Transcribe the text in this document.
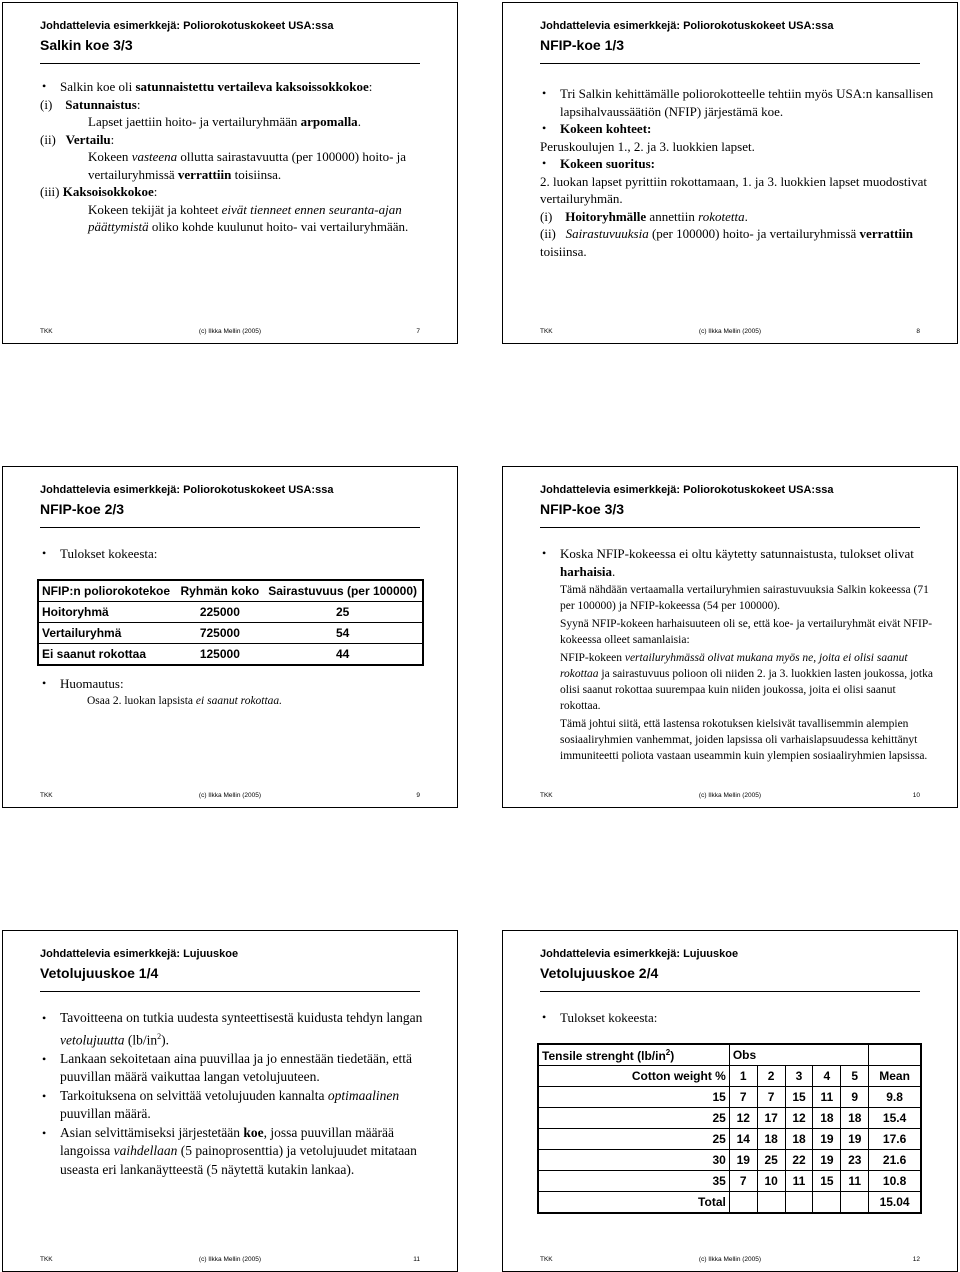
Johdattelevia esimerkkejä: Poliorokotuskokeet USA:ssa
Salkin koe 3/3

• Salkin koe oli satunnaistettu vertaileva kaksoissokkokoe:

(i)    Satunnaistus:

Lapset jaettiin hoito- ja vertailuryhmään arpomalla.

(ii)   Vertailu:

Kokeen vasteena ollutta sairastavuutta (per 100000) hoito- ja vertailuryhmissä verrattiin toisiinsa.

(iii) Kaksoisokkokoe:

Kokeen tekijät ja kohteet eivät tienneet ennen seuranta-ajan päättymistä oliko kohde kuulunut hoito- vai vertailuryhmään.

TKK	(c) Ilkka Mellin (2005)	7
Johdattelevia esimerkkejä: Poliorokotuskokeet USA:ssa
NFIP-koe 1/3

• Tri Salkin kehittämälle poliorokotteelle tehtiin myös USA:n kansallisen lapsihalvaussäätiön (NFIP) järjestämä koe.

• Kokeen kohteet:

Peruskoulujen 1., 2. ja 3. luokkien lapset.

• Kokeen suoritus:

2. luokan lapset pyrittiin rokottamaan, 1. ja 3. luokkien lapset muodostivat vertailuryhmän.

(i)    Hoitoryhmälle annettiin rokotetta.

(ii)   Sairastuvuuksia (per 100000) hoito- ja vertailuryhmissä verrattiin toisiinsa.

TKK	(c) Ilkka Mellin (2005)	8
Johdattelevia esimerkkejä: Poliorokotuskokeet USA:ssa
NFIP-koe 2/3

• Tulokset kokeesta:

NFIP:n poliorokotekoe	Ryhmän koko	Sairastuvuus (per 100000)
Hoitoryhmä	225000	25
Vertailuryhmä	725000	54
Ei saanut rokottaa	125000	44

• Huomautus:

Osaa 2. luokan lapsista ei saanut rokottaa.

TKK	(c) Ilkka Mellin (2005)	9
Johdattelevia esimerkkejä: Poliorokotuskokeet USA:ssa
NFIP-koe 3/3

• Koska NFIP-kokeessa ei oltu käytetty satunnaistusta, tulokset olivat harhaisia.

Tämä nähdään vertaamalla vertailuryhmien sairastuvuuksia Salkin kokeessa (71 per 100000) ja NFIP-kokeessa (54 per 100000).

Syynä NFIP-kokeen harhaisuuteen oli se, että koe- ja vertailuryhmät eivät NFIP-kokeessa olleet samanlaisia:

NFIP-kokeen vertailuryhmässä olivat mukana myös ne, joita ei olisi saanut rokottaa ja sairastuvuus polioon oli niiden 2. ja 3. luokkien lasten joukossa, jotka olisi saanut rokottaa suurempaa kuin niiden joukossa, joita ei olisi saanut rokottaa.

Tämä johtui siitä, että lastensa rokotuksen kielsivät tavallisemmin alempien sosiaaliryhmien vanhemmat, joiden lapsissa oli varhaislapsuudessa kehittänyt immuniteetti poliota vastaan useammin kuin ylempien sosiaaliryhmien lapsissa.

TKK	(c) Ilkka Mellin (2005)	10
Johdattelevia esimerkkejä: Lujuuskoe
Vetolujuuskoe 1/4

• Tavoitteena on tutkia uudesta synteettisestä kuidusta tehdyn langan vetolujuutta $(lb/in^2)$.

• Lankaan sekoitetaan aina puuvillaa ja jo ennestään tiedetään, että puuvillan määrä vaikuttaa langan vetolujuuteen.

• Tarkoituksena on selvittää vetolujuuden kannalta optimaalinen puuvillan määrä.

• Asian selvittämiseksi järjestetään koe, jossa puuvillan määrää langoissa vaihdellaan (5 painoprosenttia) ja vetolujuudet mitataan useasta eri lankanäytteestä (5 näytettä kutakin lankaa).

TKK	(c) Ilkka Mellin (2005)	11
Johdattelevia esimerkkejä: Lujuuskoe
Vetolujuuskoe 2/4

• Tulokset kokeesta:

Tensile strenght $(lb/in^2)$	Obs					
Cotton weight %	1	2	3	4	5	Mean
15	7	7	15	11	9	9.8
25	12	17	12	18	18	15.4
25	14	18	18	19	19	17.6
30	19	25	22	19	23	21.6
35	7	10	11	15	11	10.8
Total						15.04
TKK	(c) Ilkka Mellin (2005)	12
